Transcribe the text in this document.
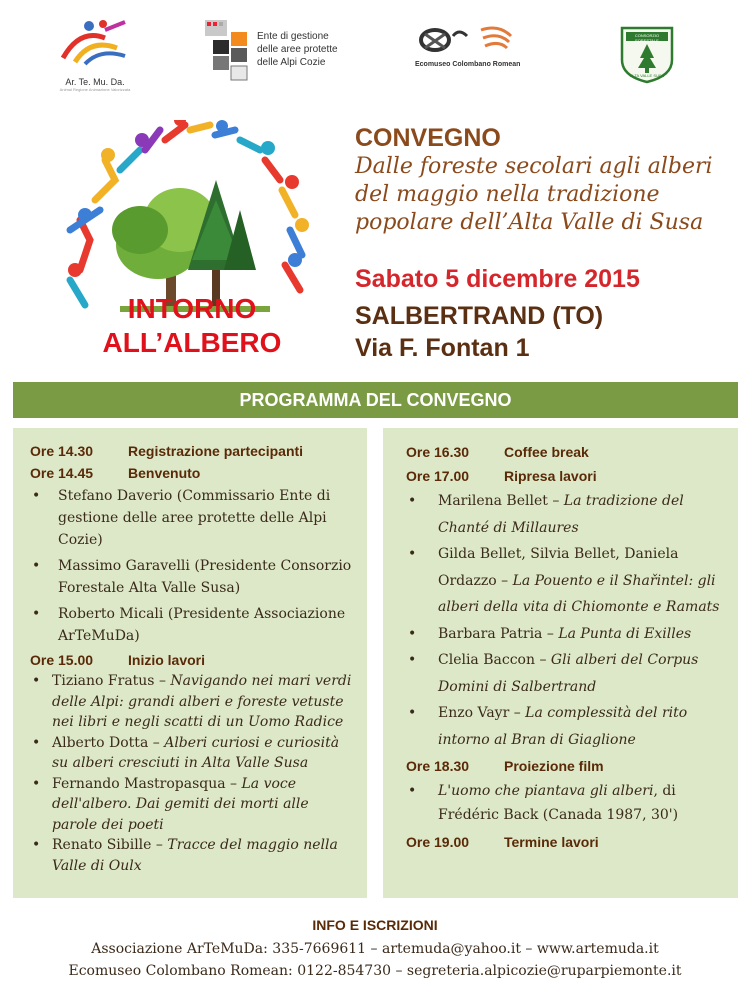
Ar. Te. Mu. Da.
Animal Regione Animazione Valorizzata
Ente di gestione
delle aree protette
delle Alpi Cozie	Ecomuseo Colombano Romean
CONSORZIO FORESTALE
ALTA VALLE SUSA
INTORNO
ALL’ALBERO
CONVEGNO
Dalle foreste secolari agli alberi
del maggio nella tradizione
popolare dell’Alta Valle di Susa
Sabato 5 dicembre 2015
SALBERTRAND (TO)
Via F. Fontan 1
PROGRAMMA DEL CONVEGNO
Ore 14.30 Registrazione partecipanti
Ore 14.45 Benvenuto
• Stefano Daverio (Commissario Ente di gestione delle aree protette delle Alpi Cozie)
• Massimo Garavelli (Presidente Consorzio Forestale Alta Valle Susa)
• Roberto Micali (Presidente Associazione ArTeMuDa)
Ore 15.00 Inizio lavori
• Tiziano Fratus – Navigando nei mari verdi delle Alpi: grandi alberi e foreste vetuste nei libri e negli scatti di un Uomo Radice
• Alberto Dotta – Alberi curiosi e curiosità su alberi cresciuti in Alta Valle Susa
• Fernando Mastropasqua – La voce dell'albero. Dai gemiti dei morti alle parole dei poeti
• Renato Sibille – Tracce del maggio nella Valle di Oulx
Ore 16.30 Coffee break
Ore 17.00 Ripresa lavori
• Marilena Bellet – La tradizione del Chanté di Millaures
• Gilda Bellet, Silvia Bellet, Daniela Ordazzo – La Pouento e il Shařintel: gli alberi della vita di Chiomonte e Ramats
• Barbara Patria – La Punta di Exilles
• Clelia Baccon – Gli alberi del Corpus Domini di Salbertrand
• Enzo Vayr – La complessità del rito intorno al Bran di Giaglione
Ore 18.30 Proiezione film
• L'uomo che piantava gli alberi, di Frédéric Back (Canada 1987, 30')
Ore 19.00 Termine lavori
INFO E ISCRIZIONI
Associazione ArTeMuDa: 335-7669611 – artemuda@yahoo.it – www.artemuda.it
Ecomuseo Colombano Romean: 0122-854730 – segreteria.alpicozie@ruparpiemonte.it
